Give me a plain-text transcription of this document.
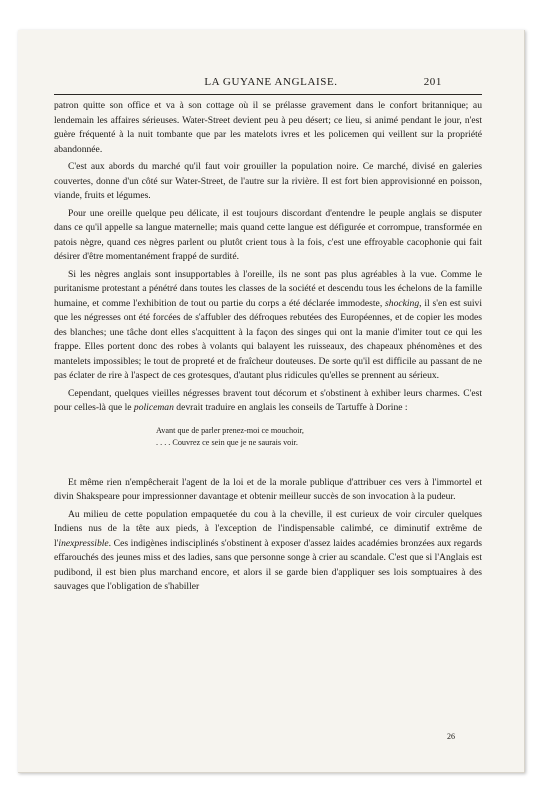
LA GUYANE ANGLAISE.	201

patron quitte son office et va à son cottage où il se prélasse gravement dans le confort britannique; au lendemain les affaires sérieuses. Water-Street devient peu à peu désert; ce lieu, si animé pendant le jour, n'est guère fréquenté à la nuit tombante que par les matelots ivres et les policemen qui veillent sur la propriété abandonnée.

C'est aux abords du marché qu'il faut voir grouiller la population noire. Ce marché, divisé en galeries couvertes, donne d'un côté sur Water-Street, de l'autre sur la rivière. Il est fort bien approvisionné en poisson, viande, fruits et légumes.

Pour une oreille quelque peu délicate, il est toujours discordant d'entendre le peuple anglais se disputer dans ce qu'il appelle sa langue maternelle; mais quand cette langue est défigurée et corrompue, transformée en patois nègre, quand ces nègres parlent ou plutôt crient tous à la fois, c'est une effroyable cacophonie qui fait désirer d'être momentanément frappé de surdité.

Si les nègres anglais sont insupportables à l'oreille, ils ne sont pas plus agréables à la vue. Comme le puritanisme protestant a pénétré dans toutes les classes de la société et descendu tous les échelons de la famille humaine, et comme l'exhibition de tout ou partie du corps a été déclarée immodeste, shocking, il s'en est suivi que les négresses ont été forcées de s'affubler des défroques rebutées des Européennes, et de copier les modes des blanches; une tâche dont elles s'acquittent à la façon des singes qui ont la manie d'imiter tout ce qui les frappe. Elles portent donc des robes à volants qui balayent les ruisseaux, des chapeaux phénomènes et des mantelets impossibles; le tout de propreté et de fraîcheur douteuses. De sorte qu'il est difficile au passant de ne pas éclater de rire à l'aspect de ces grotesques, d'autant plus ridicules qu'elles se prennent au sérieux.

Cependant, quelques vieilles négresses bravent tout décorum et s'obstinent à exhiber leurs charmes. C'est pour celles-là que le policeman devrait traduire en anglais les conseils de Tartuffe à Dorine :

Avant que de parler prenez-moi ce mouchoir,
. . . . Couvrez ce sein que je ne saurais voir.

Et même rien n'empêcherait l'agent de la loi et de la morale publique d'attribuer ces vers à l'immortel et divin Shakspeare pour impressionner davantage et obtenir meilleur succès de son invocation à la pudeur.

Au milieu de cette population empaquetée du cou à la cheville, il est curieux de voir circuler quelques Indiens nus de la tête aux pieds, à l'exception de l'indispensable calimbé, ce diminutif extrême de l'inexpressible. Ces indigènes indisciplinés s'obstinent à exposer d'assez laides académies bronzées aux regards effarouchés des jeunes miss et des ladies, sans que personne songe à crier au scandale. C'est que si l'Anglais est pudibond, il est bien plus marchand encore, et alors il se garde bien d'appliquer ses lois somptuaires à des sauvages que l'obligation de s'habiller

26
